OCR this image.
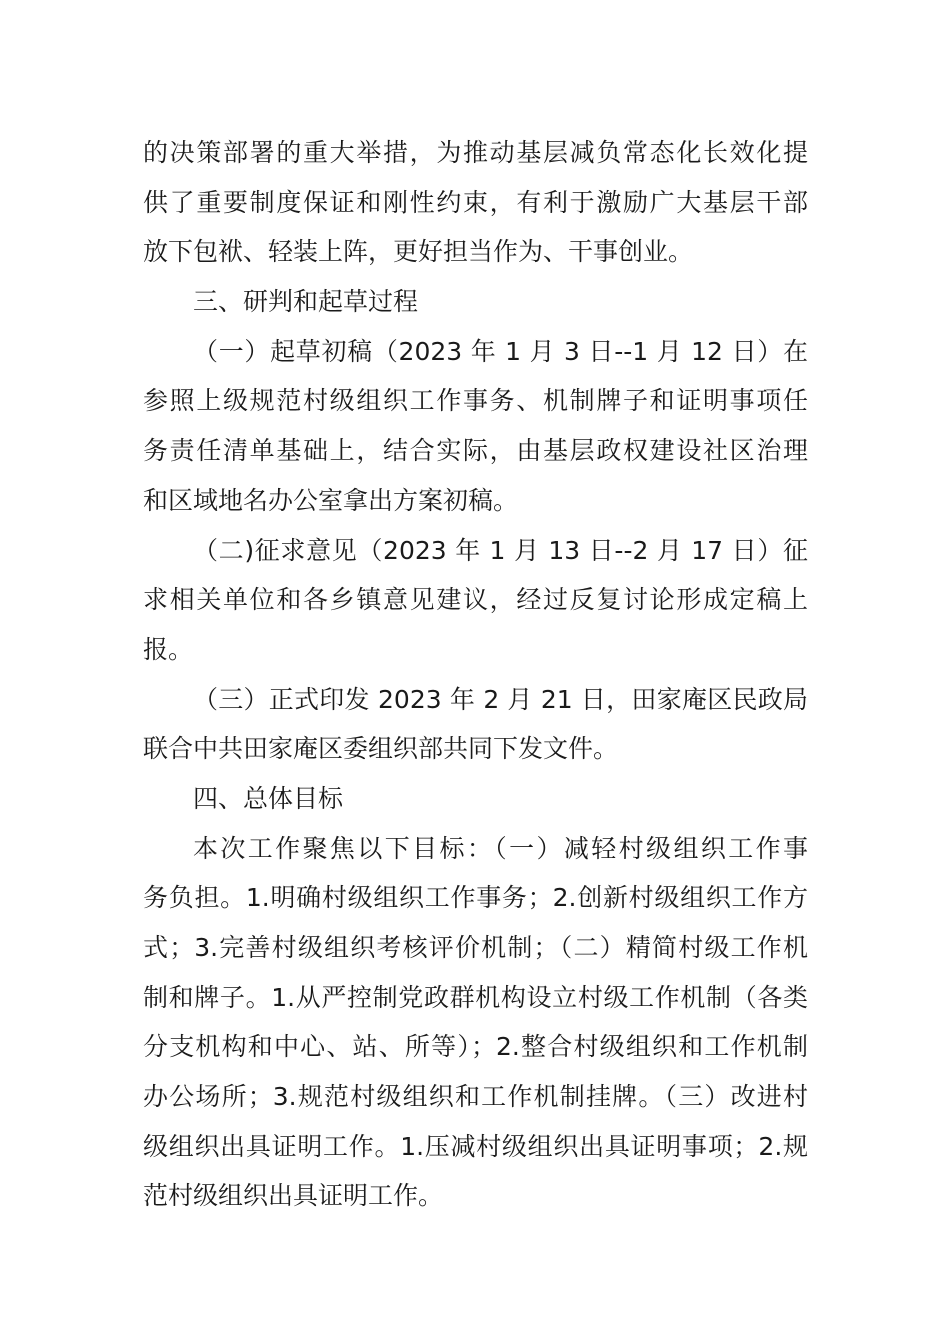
的决策部署的重大举措，为推动基层减负常态化长效化提
供了重要制度保证和刚性约束，有利于激励广大基层干部
放下包袱、轻装上阵，更好担当作为、干事创业。
三、研判和起草过程
（一）起草初稿（2023 年 1 月 3 日--1 月 12 日）在
参照上级规范村级组织工作事务、机制牌子和证明事项任
务责任清单基础上，结合实际，由基层政权建设社区治理
和区域地名办公室拿出方案初稿。
（二)征求意见（2023 年 1 月 13 日--2 月 17 日）征
求相关单位和各乡镇意见建议，经过反复讨论形成定稿上
报。
（三）正式印发 2023 年 2 月 21 日，田家庵区民政局
联合中共田家庵区委组织部共同下发文件。
四、总体目标
本次工作聚焦以下目标：（一）减轻村级组织工作事
务负担。1.明确村级组织工作事务；2.创新村级组织工作方
式；3.完善村级组织考核评价机制；（二）精简村级工作机
制和牌子。1.从严控制党政群机构设立村级工作机制（各类
分支机构和中心、站、所等）；2.整合村级组织和工作机制
办公场所；3.规范村级组织和工作机制挂牌。（三）改进村
级组织出具证明工作。1.压减村级组织出具证明事项；2.规
范村级组织出具证明工作。
